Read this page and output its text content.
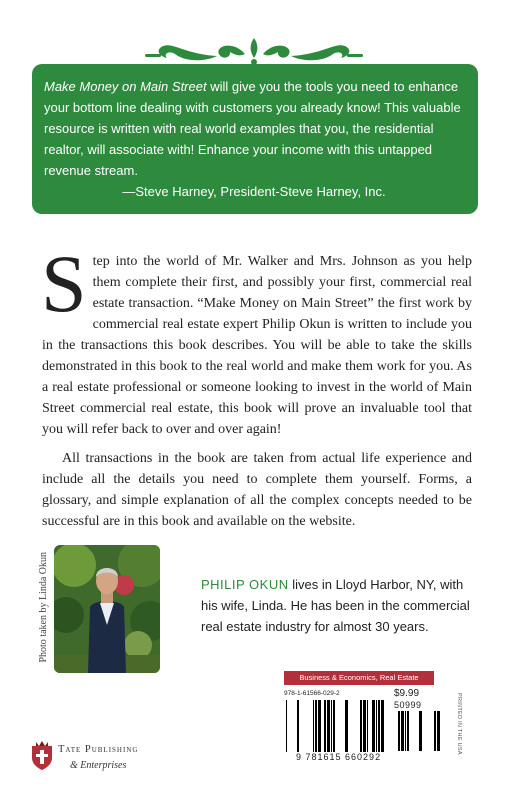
Make Money on Main Street will give you the tools you need to enhance your bottom line dealing with customers you already know! This valuable resource is written with real world examples that you, the residential realtor, will associate with! Enhance your income with this untapped revenue stream.
—Steve Harney, President-Steve Harney, Inc.

Step into the world of Mr. Walker and Mrs. Johnson as you help them complete their first, and possibly your first, commercial real estate transaction. “Make Money on Main Street” the first work by commercial real estate expert Philip Okun is written to include you in the transactions this book describes. You will be able to take the skills demonstrated in this book to the real world and make them work for you. As a real estate professional or someone looking to invest in the world of Main Street commercial real estate, this book will prove an invaluable tool that you will refer back to over and over again!

All transactions in the book are taken from actual life experience and include all the details you need to complete them yourself. Forms, a glossary, and simple explanation of all the complex concepts needed to be successful are in this book and available on the website.

Photo taken by Linda Okun	PHILIP OKUN lives in Lloyd Harbor, NY, with his wife, Linda. He has been in the commercial real estate industry for almost 30 years.
Business & Economics, Real Estate
978-1-61566-029-2	$9.99
50999
9 781615 660292
PRINTED IN THE USA
Tate Publishing
& Enterprises
